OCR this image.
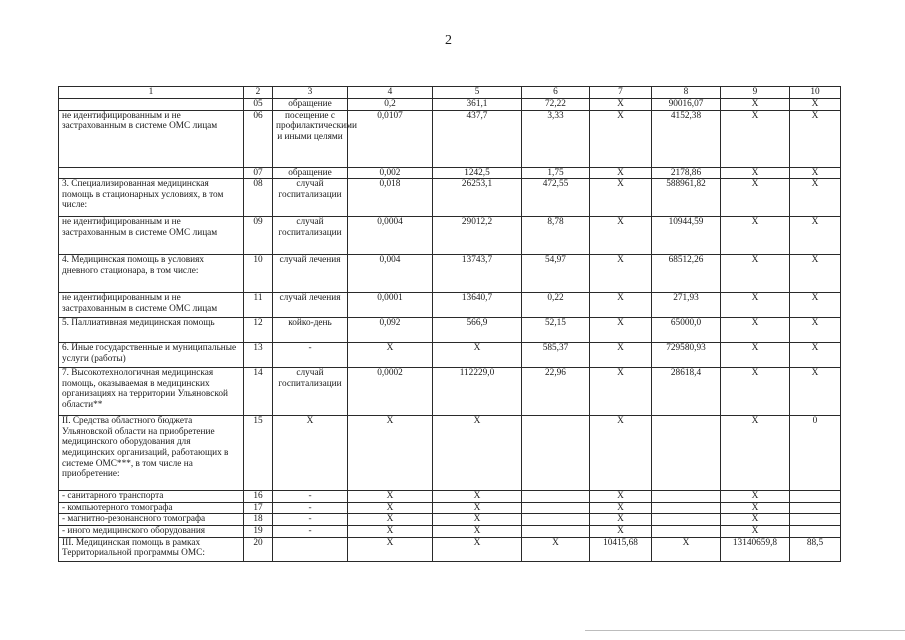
2
1	2	3	4	5	6	7	8	9	10
	05	обращение	0,2	361,1	72,22	Х	90016,07	Х	Х
не идентифицированным и не застрахованным в системе ОМС лицам	06	посещение с профилактическими и иными целями	0,0107	437,7	3,33	Х	4152,38	Х	Х
	07	обращение	0,002	1242,5	1,75	Х	2178,86	Х	Х
3. Специализированная медицинская помощь в стационарных условиях, в том числе:	08	случай госпитализации	0,018	26253,1	472,55	Х	588961,82	Х	Х
не идентифицированным и не застрахованным в системе ОМС лицам	09	случай госпитализации	0,0004	29012,2	8,78	Х	10944,59	Х	Х
4. Медицинская помощь в условиях дневного стационара, в том числе:	10	случай лечения	0,004	13743,7	54,97	Х	68512,26	Х	Х
не идентифицированным и не застрахованным в системе ОМС лицам	11	случай лечения	0,0001	13640,7	0,22	Х	271,93	Х	Х
5. Паллиативная медицинская помощь	12	койко-день	0,092	566,9	52,15	Х	65000,0	Х	Х
6. Иные государственные и муниципальные услуги (работы)	13	-	Х	Х	585,37	Х	729580,93	Х	Х
7. Высокотехнологичная медицинская помощь, оказываемая в медицинских организациях на территории Ульяновской области**	14	случай госпитализации	0,0002	112229,0	22,96	Х	28618,4	Х	Х
II. Средства областного бюджета Ульяновской области на приобретение медицинского оборудования для медицинских организаций, работающих в системе ОМС***, в том числе на приобретение:	15	Х	Х	Х		Х		Х	0
- санитарного транспорта	16	-	Х	Х		Х		Х	
- компьютерного томографа	17	-	Х	Х		Х		Х	
- магнитно-резонансного томографа	18	-	Х	Х		Х		Х	
- иного медицинского оборудования	19	-	Х	Х		Х		Х	
III. Медицинская помощь в рамках Территориальной программы ОМС:	20		Х	Х	Х	10415,68	Х	13140659,8	88,5
